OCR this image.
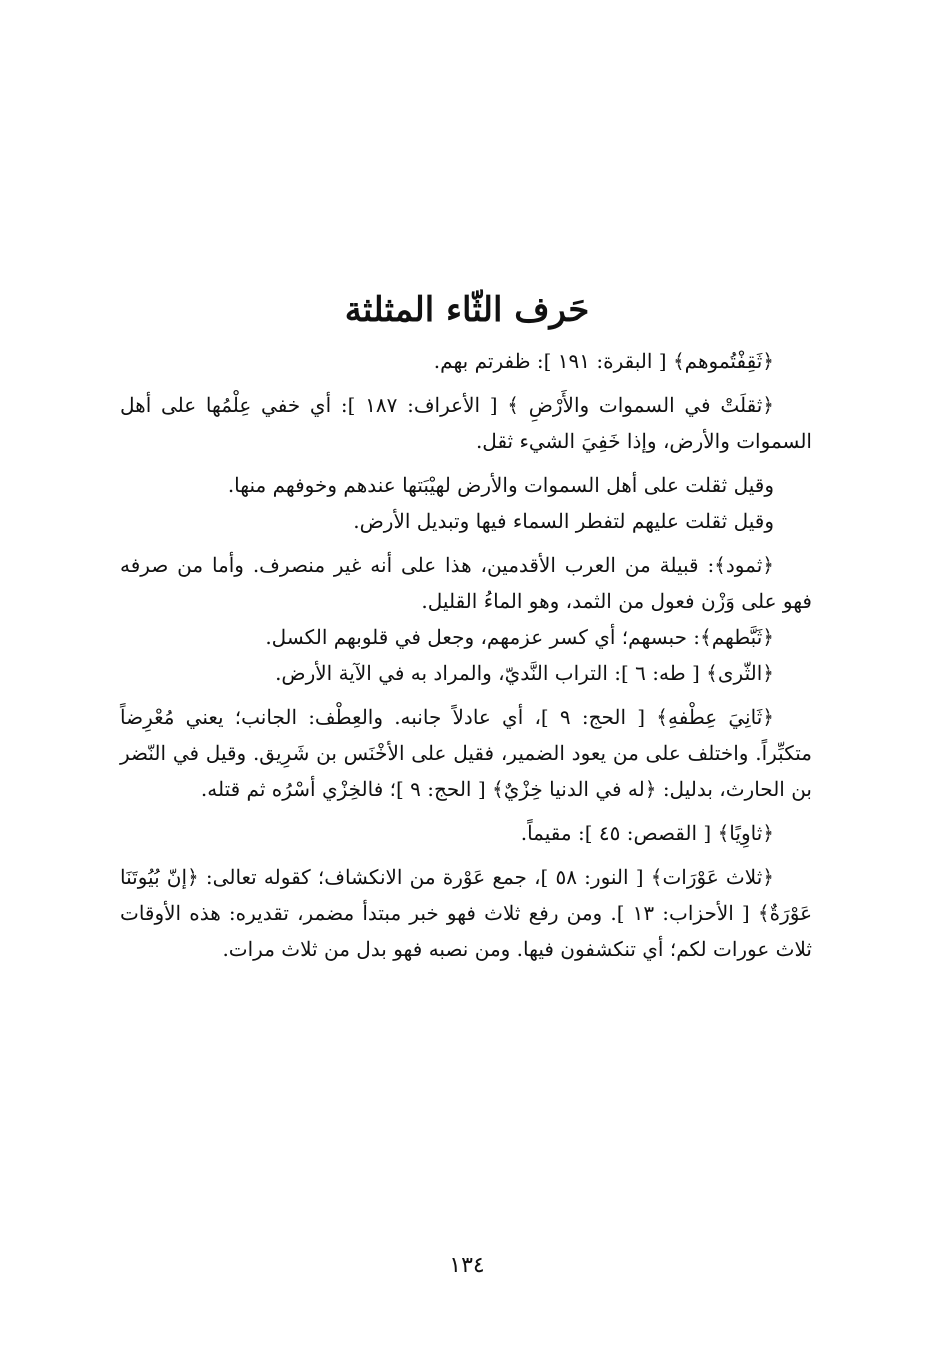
حَرف الثّاء المثلثة

﴿ثَقِفْتُموهم﴾ [ البقرة: ١٩١ ]: ظفرتم بهم.

﴿ثقلَتْ في السموات والأَرْضِ ﴾ [ الأعراف: ١٨٧ ]: أي خفي عِلْمُها على أهل السموات والأرض، وإذا خَفِيَ الشيء ثقل.

وقيل ثقلت على أهل السموات والأرض لهيْبَتها عندهم وخوفهم منها.

وقيل ثقلت عليهم لتفطر السماء فيها وتبديل الأرض.

﴿ثمود﴾: قبيلة من العرب الأقدمين، هذا على أنه غير منصرف. وأما من صرفه فهو على وَزْن فعول من الثمد، وهو الماءُ القليل.

﴿ثَبَّطهم﴾: حبسهم؛ أي كسر عزمهم، وجعل في قلوبهم الكسل.

﴿الثّرى﴾ [ طه: ٦ ]: التراب النَّديّ، والمراد به في الآية الأرض.

﴿ثَانِيَ عِطْفهِ﴾ [ الحج: ٩ ]، أي عادلاً جانبه. والعِطْف: الجانب؛ يعني مُعْرِضاً متكبِّراً. واختلف على من يعود الضمير، فقيل على الأخْنَس بن شَرِيق. وقيل في النّضر بن الحارث، بدليل: ﴿له في الدنيا خِزْيٌ﴾ [ الحج: ٩ ]؛ فالخِزْي أسْرُه ثم قتله.

﴿ثاوِيًا﴾ [ القصص: ٤٥ ]: مقيماً.

﴿ثلاث عَوْرَات﴾ [ النور: ٥٨ ]، جمع عَوْرة من الانكشاف؛ كقوله تعالى: ﴿إنّ بُيُوتَنَا عَوْرَةٌ﴾ [ الأحزاب: ١٣ ]. ومن رفع ثلاث فهو خبر مبتدأ مضمر، تقديره: هذه الأوقات ثلاث عورات لكم؛ أي تنكشفون فيها. ومن نصبه فهو بدل من ثلاث مرات.

١٣٤
